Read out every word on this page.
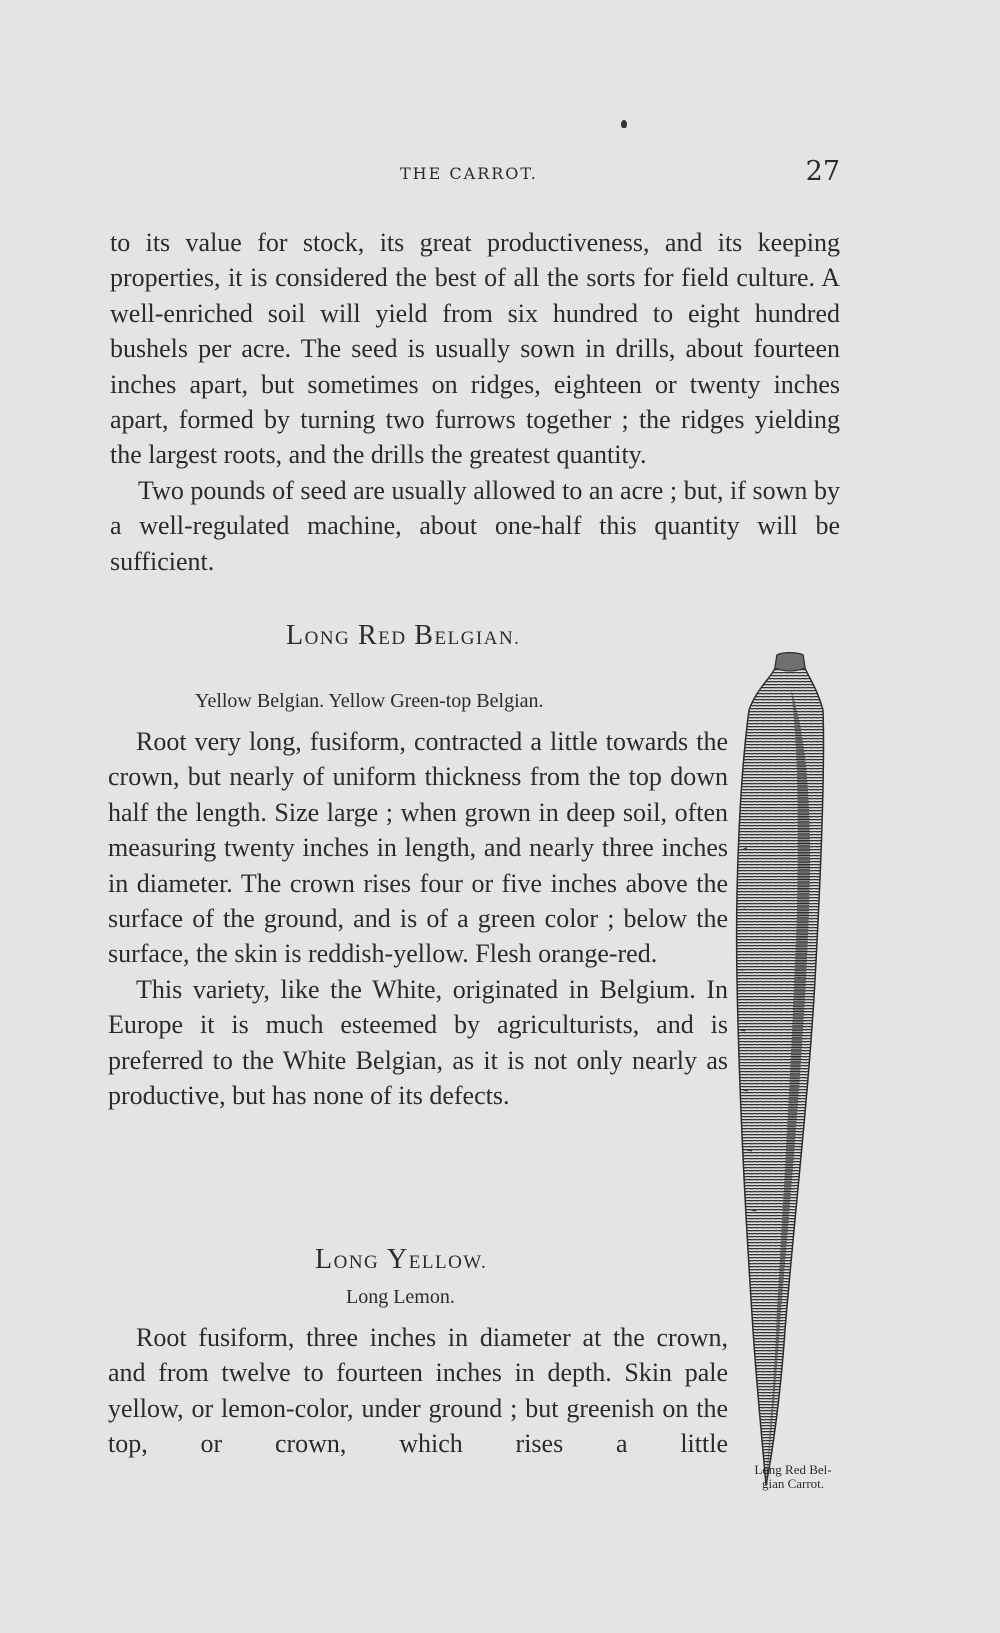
THE CARROT.	27

to its value for stock, its great productiveness, and its keeping properties, it is considered the best of all the sorts for field culture. A well-enriched soil will yield from six hundred to eight hundred bushels per acre. The seed is usually sown in drills, about fourteen inches apart, but sometimes on ridges, eighteen or twenty inches apart, formed by turning two furrows together ; the ridges yielding the largest roots, and the drills the greatest quantity.

Two pounds of seed are usually allowed to an acre ; but, if sown by a well-regulated machine, about one-half this quantity will be sufficient.

LONG RED BELGIAN.
Yellow Belgian. Yellow Green-top Belgian.

Root very long, fusiform, contracted a little towards the crown, but nearly of uniform thickness from the top down half the length. Size large ; when grown in deep soil, often measuring twenty inches in length, and nearly three inches in diameter. The crown rises four or five inches above the surface of the ground, and is of a green color ; below the surface, the skin is reddish-yellow. Flesh orange-red.

This variety, like the White, originated in Belgium. In Europe it is much esteemed by agriculturists, and is preferred to the White Belgian, as it is not only nearly as productive, but has none of its defects.

LONG YELLOW.
Long Lemon.

Root fusiform, three inches in diameter at the crown, and from twelve to fourteen inches in depth. Skin pale yellow, or lemon-color, under ground ; but greenish on the top, or crown, which rises a little

Long Red Bel-
gian Carrot.
